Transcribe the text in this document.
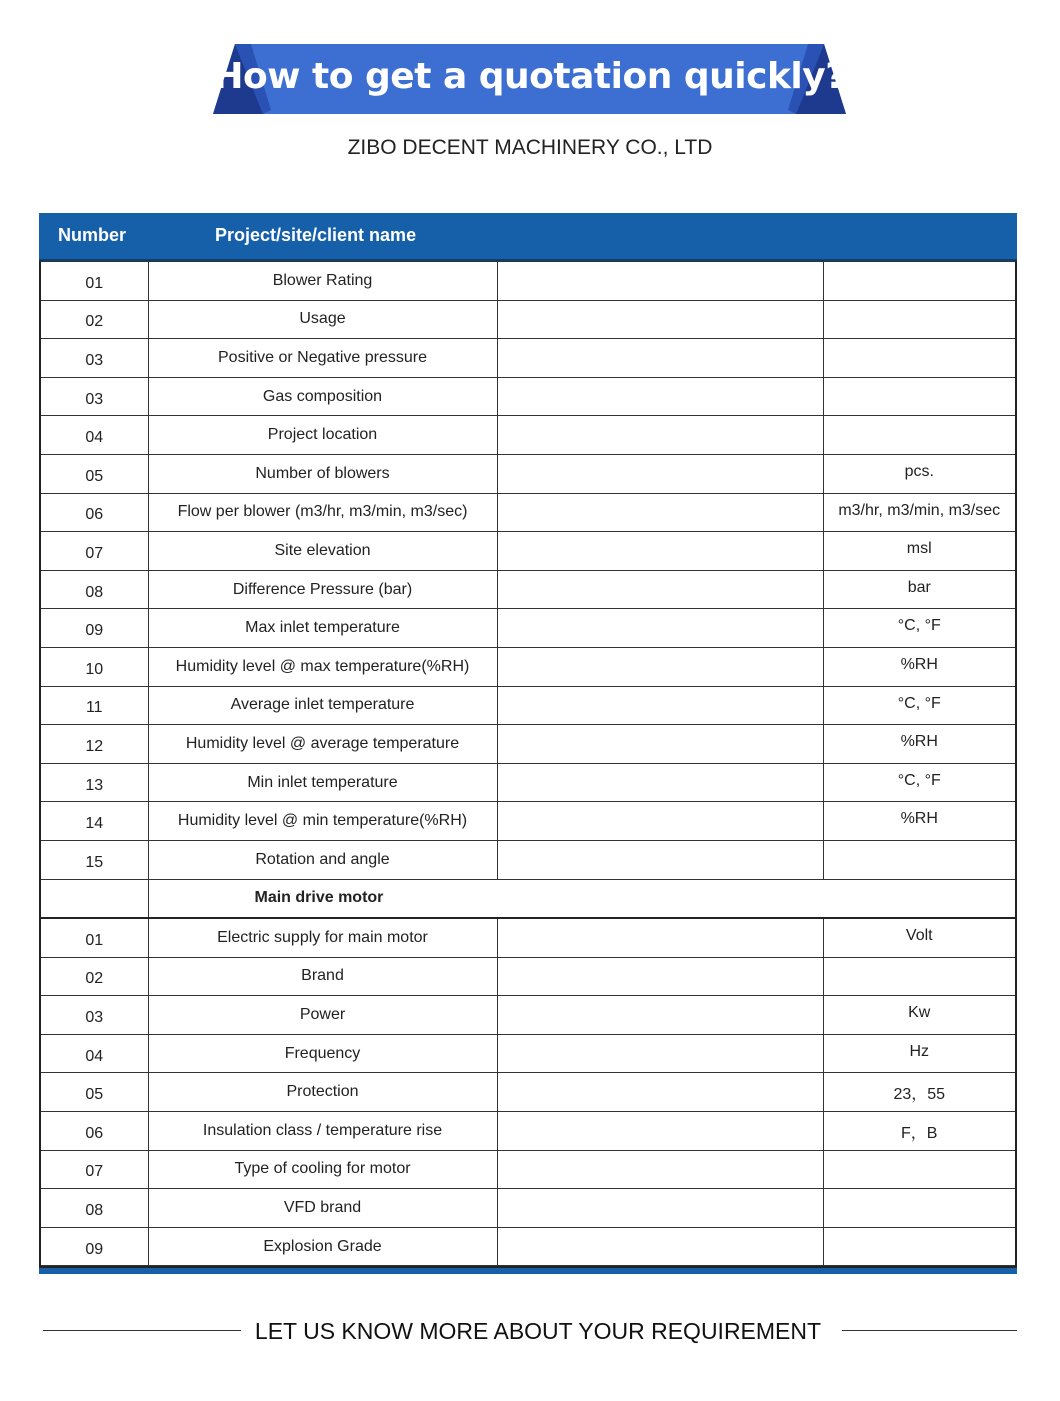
How to get a quotation quickly?
ZIBO DECENT MACHINERY CO., LTD
Number	Project/site/client name
01	Blower Rating		
02	Usage		
03	Positive or Negative pressure		
03	Gas composition		
04	Project location		
05	Number of blowers		pcs.
06	Flow per blower (m3/hr, m3/min, m3/sec)		m3/hr, m3/min, m3/sec
07	Site elevation		msl
08	Difference Pressure (bar)		bar
09	Max inlet temperature		°C, °F
10	Humidity level @ max temperature(%RH)		%RH
11	Average inlet temperature		°C, °F
12	Humidity level @ average temperature		%RH
13	Min inlet temperature		°C, °F
14	Humidity level @ min temperature(%RH)		%RH
15	Rotation and angle		
	Main drive motor		
01	Electric supply for main motor		Volt
02	Brand		
03	Power		Kw
04	Frequency		Hz
05	Protection		23，55
06	Insulation class / temperature rise		F，B
07	Type of cooling for motor		
08	VFD brand		
09	Explosion Grade		
LET US KNOW MORE ABOUT YOUR REQUIREMENT
